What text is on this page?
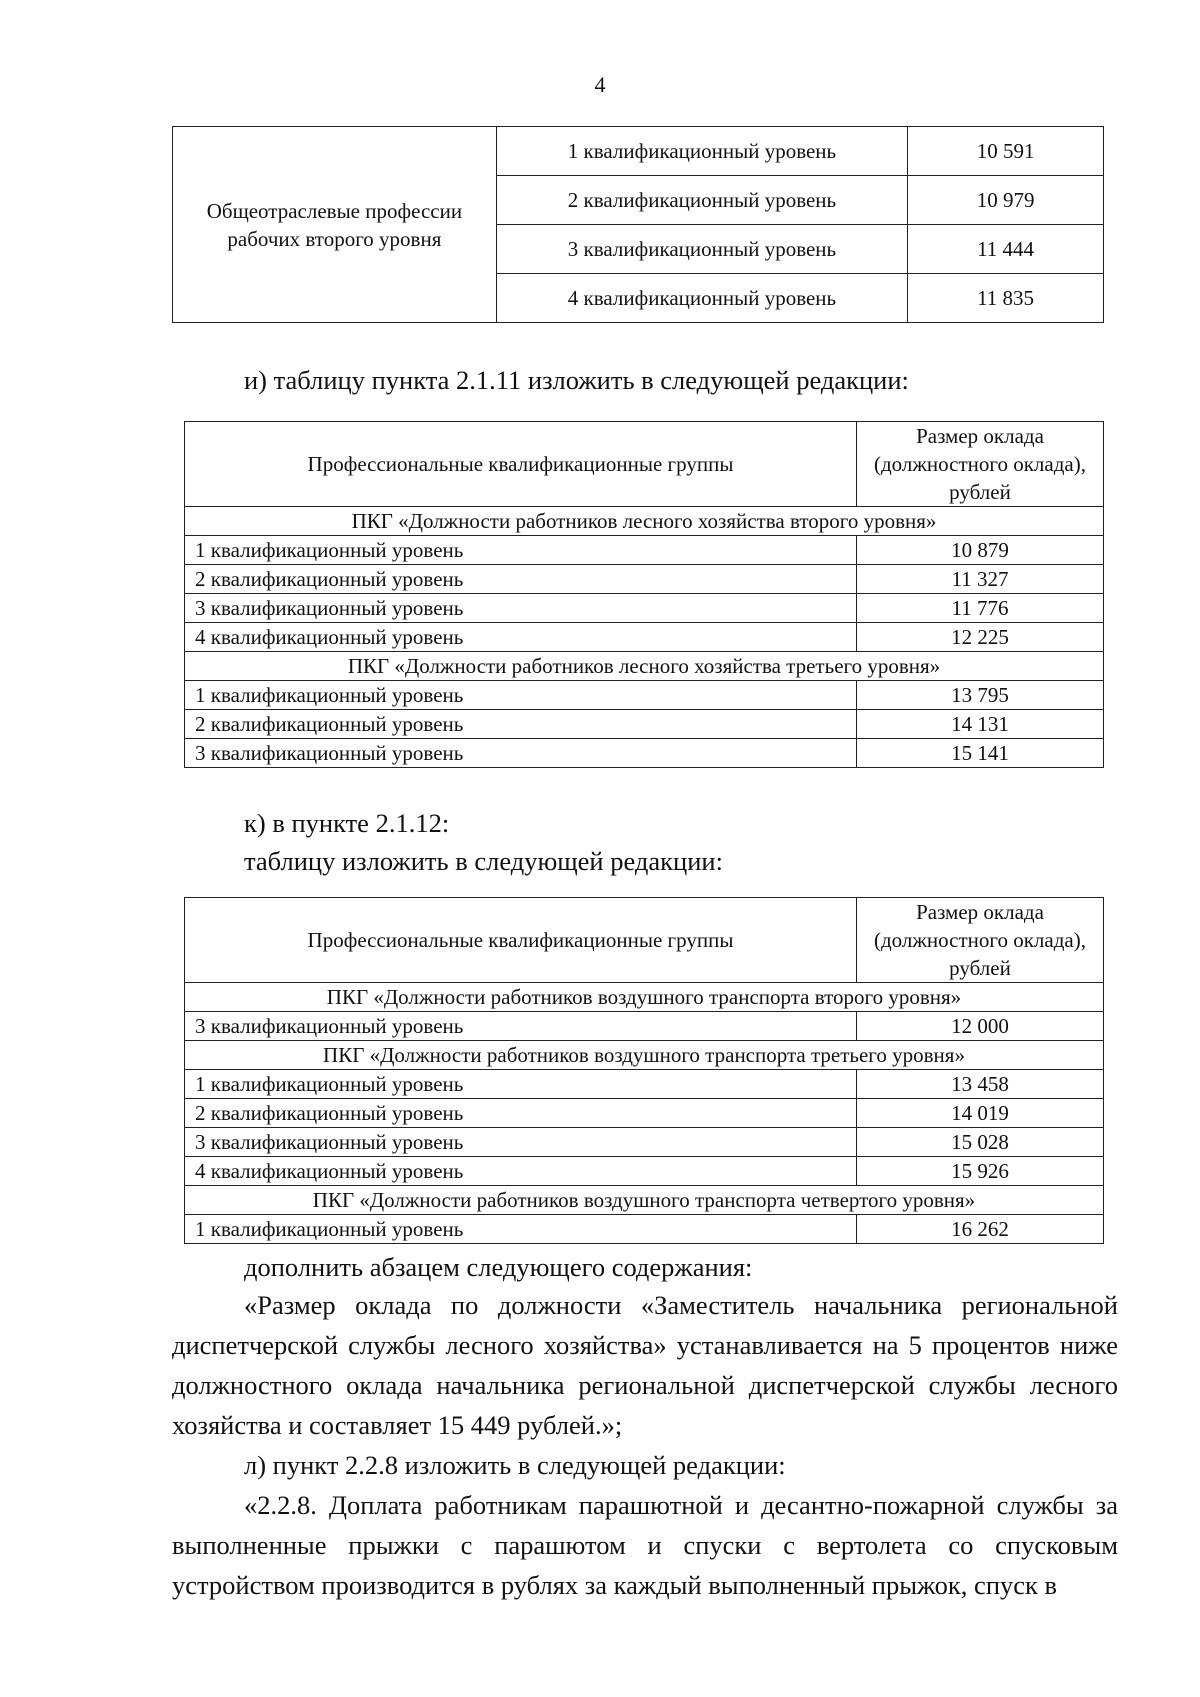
4
Общеотраслевые профессии рабочих второго уровня	1 квалификационный уровень	10 591
	2 квалификационный уровень	10 979
	3 квалификационный уровень	11 444
	4 квалификационный уровень	11 835
и) таблицу пункта 2.1.11 изложить в следующей редакции:
Профессиональные квалификационные группы	Размер оклада (должностного оклада), рублей
ПКГ «Должности работников лесного хозяйства второго уровня»	
1 квалификационный уровень	10 879
2 квалификационный уровень	11 327
3 квалификационный уровень	11 776
4 квалификационный уровень	12 225
ПКГ «Должности работников лесного хозяйства третьего уровня»	
1 квалификационный уровень	13 795
2 квалификационный уровень	14 131
3 квалификационный уровень	15 141
к) в пункте 2.1.12:
таблицу изложить в следующей редакции:
Профессиональные квалификационные группы	Размер оклада (должностного оклада), рублей
ПКГ «Должности работников воздушного транспорта второго уровня»	
3 квалификационный уровень	12 000
ПКГ «Должности работников воздушного транспорта третьего уровня»	
1 квалификационный уровень	13 458
2 квалификационный уровень	14 019
3 квалификационный уровень	15 028
4 квалификационный уровень	15 926
ПКГ «Должности работников воздушного транспорта четвертого уровня»	
1 квалификационный уровень	16 262
дополнить абзацем следующего содержания:
«Размер оклада по должности «Заместитель начальника региональной диспетчерской службы лесного хозяйства» устанавливается на 5 процентов ниже должностного оклада начальника региональной диспетчерской службы лесного хозяйства и составляет 15 449 рублей.»;
л) пункт 2.2.8 изложить в следующей редакции:
«2.2.8. Доплата работникам парашютной и десантно-пожарной службы за выполненные прыжки с парашютом и спуски с вертолета со спусковым устройством производится в рублях за каждый выполненный прыжок, спуск в
